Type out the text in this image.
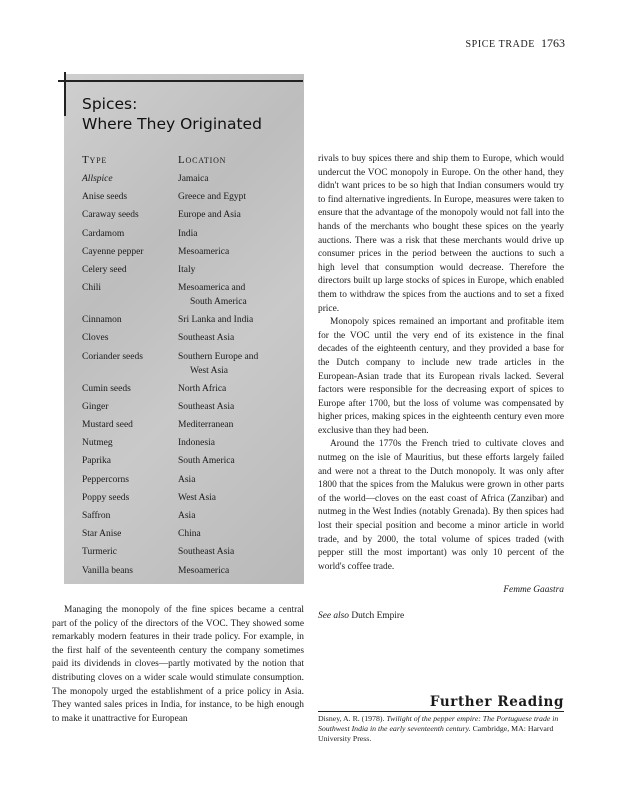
SPICE TRADE 1763
Spices:
Where They Originated
Type	Location
Allspice	Jamaica
Anise seeds	Greece and Egypt
Caraway seeds	Europe and Asia
Cardamom	India
Cayenne pepper	Mesoamerica
Celery seed	Italy
Chili	Mesoamerica and
South America
Cinnamon	Sri Lanka and India
Cloves	Southeast Asia
Coriander seeds	Southern Europe and
West Asia
Cumin seeds	North Africa
Ginger	Southeast Asia
Mustard seed	Mediterranean
Nutmeg	Indonesia
Paprika	South America
Peppercorns	Asia
Poppy seeds	West Asia
Saffron	Asia
Star Anise	China
Turmeric	Southeast Asia
Vanilla beans	Mesoamerica

Managing the monopoly of the fine spices became a central part of the policy of the directors of the VOC. They showed some remarkably modern features in their trade policy. For example, in the first half of the seventeenth century the company sometimes paid its dividends in cloves—partly motivated by the notion that distributing cloves on a wider scale would stimulate consumption. The monopoly urged the establishment of a price policy in Asia. They wanted sales prices in India, for instance, to be high enough to make it unattractive for European

rivals to buy spices there and ship them to Europe, which would undercut the VOC monopoly in Europe. On the other hand, they didn't want prices to be so high that Indian consumers would try to find alternative ingredients. In Europe, measures were taken to ensure that the advantage of the monopoly would not fall into the hands of the merchants who bought these spices on the yearly auctions. There was a risk that these merchants would drive up consumer prices in the period between the auctions to such a high level that consumption would decrease. Therefore the directors built up large stocks of spices in Europe, which enabled them to withdraw the spices from the auctions and to set a fixed price.

Monopoly spices remained an important and profitable item for the VOC until the very end of its existence in the final decades of the eighteenth century, and they provided a base for the Dutch company to include new trade articles in the European-Asian trade that its European rivals lacked. Several factors were responsible for the decreasing export of spices to Europe after 1700, but the loss of volume was compensated by higher prices, making spices in the eighteenth century even more exclusive than they had been.

Around the 1770s the French tried to cultivate cloves and nutmeg on the isle of Mauritius, but these efforts largely failed and were not a threat to the Dutch monopoly. It was only after 1800 that the spices from the Malukus were grown in other parts of the world—cloves on the east coast of Africa (Zanzibar) and nutmeg in the West Indies (notably Grenada). By then spices had lost their special position and become a minor article in world trade, and by 2000, the total volume of spices traded (with pepper still the most important) was only 10 percent of the world's coffee trade.

Femme Gaastra
See also Dutch Empire
Further Reading
Disney, A. R. (1978). Twilight of the pepper empire: The Portuguese trade in Southwest India in the early seventeenth century. Cambridge, MA: Harvard University Press.
